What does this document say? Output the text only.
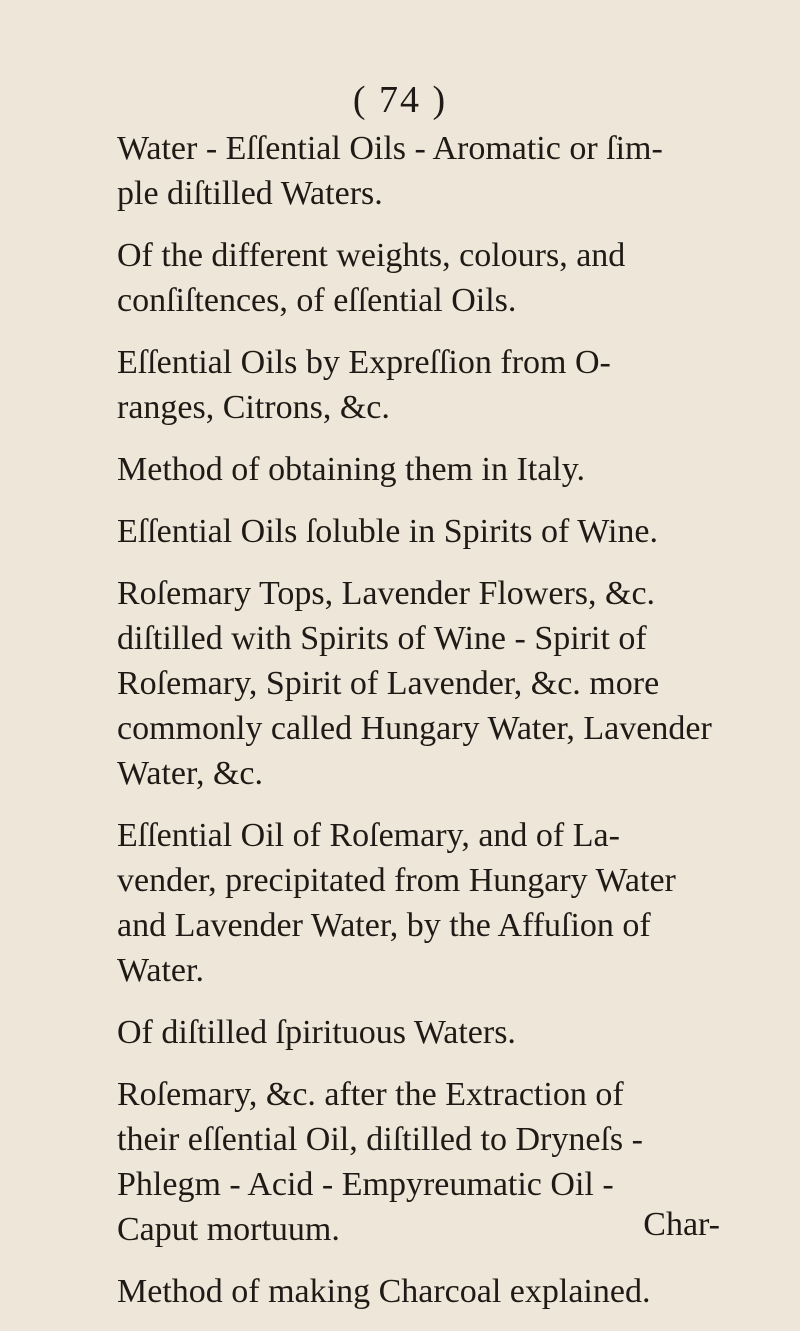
( 74 )

Water - Eſſential Oils - Aromatic or ſim-
ple diſtilled Waters.

Of the different weights, colours, and
conſiſtences, of eſſential Oils.

Eſſential Oils by Expreſſion from O-
ranges, Citrons, &c.

Method of obtaining them in Italy.

Eſſential Oils ſoluble in Spirits of Wine.

Roſemary Tops, Lavender Flowers, &c.
diſtilled with Spirits of Wine - Spirit of
Roſemary, Spirit of Lavender, &c. more
commonly called Hungary Water, Lavender
Water, &c.

Eſſential Oil of Roſemary, and of La-
vender, precipitated from Hungary Water
and Lavender Water, by the Affuſion of
Water.

Of diſtilled ſpirituous Waters.

Roſemary, &c. after the Extraction of
their eſſential Oil, diſtilled to Dryneſs -
Phlegm - Acid - Empyreumatic Oil -
Caput mortuum.

Method of making Charcoal explained.

Char-
